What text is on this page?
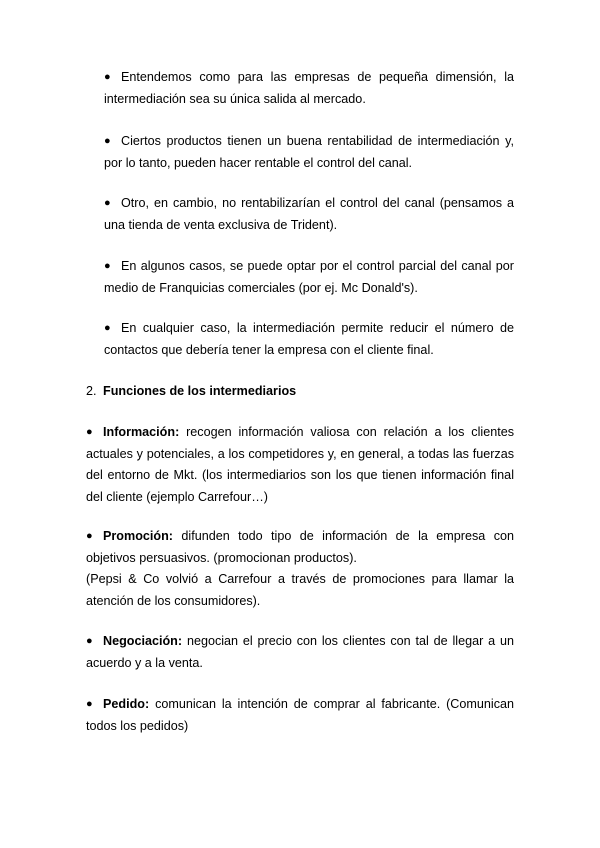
● Entendemos como para las empresas de pequeña dimensión, la intermediación sea su única salida al mercado.

● Ciertos productos tienen un buena rentabilidad de intermediación y, por lo tanto, pueden hacer rentable el control del canal.

● Otro, en cambio, no rentabilizarían el control del canal (pensamos a una tienda de venta exclusiva de Trident).

● En algunos casos, se puede optar por el control parcial del canal por medio de Franquicias comerciales (por ej. Mc Donald's).

● En cualquier caso, la intermediación permite reducir el número de contactos que debería tener la empresa con el cliente final.

2. Funciones de los intermediarios
● Información: recogen información valiosa con relación a los clientes actuales y potenciales, a los competidores y, en general, a todas las fuerzas del entorno de Mkt. (los intermediarios son los que tienen información final del cliente (ejemplo Carrefour…)

● Promoción: difunden todo tipo de información de la empresa con objetivos persuasivos. (promocionan productos).

(Pepsi & Co volvió a Carrefour a través de promociones para llamar la atención de los consumidores).

● Negociación: negocian el precio con los clientes con tal de llegar a un acuerdo y a la venta.

● Pedido: comunican la intención de comprar al fabricante. (Comunican todos los pedidos)
